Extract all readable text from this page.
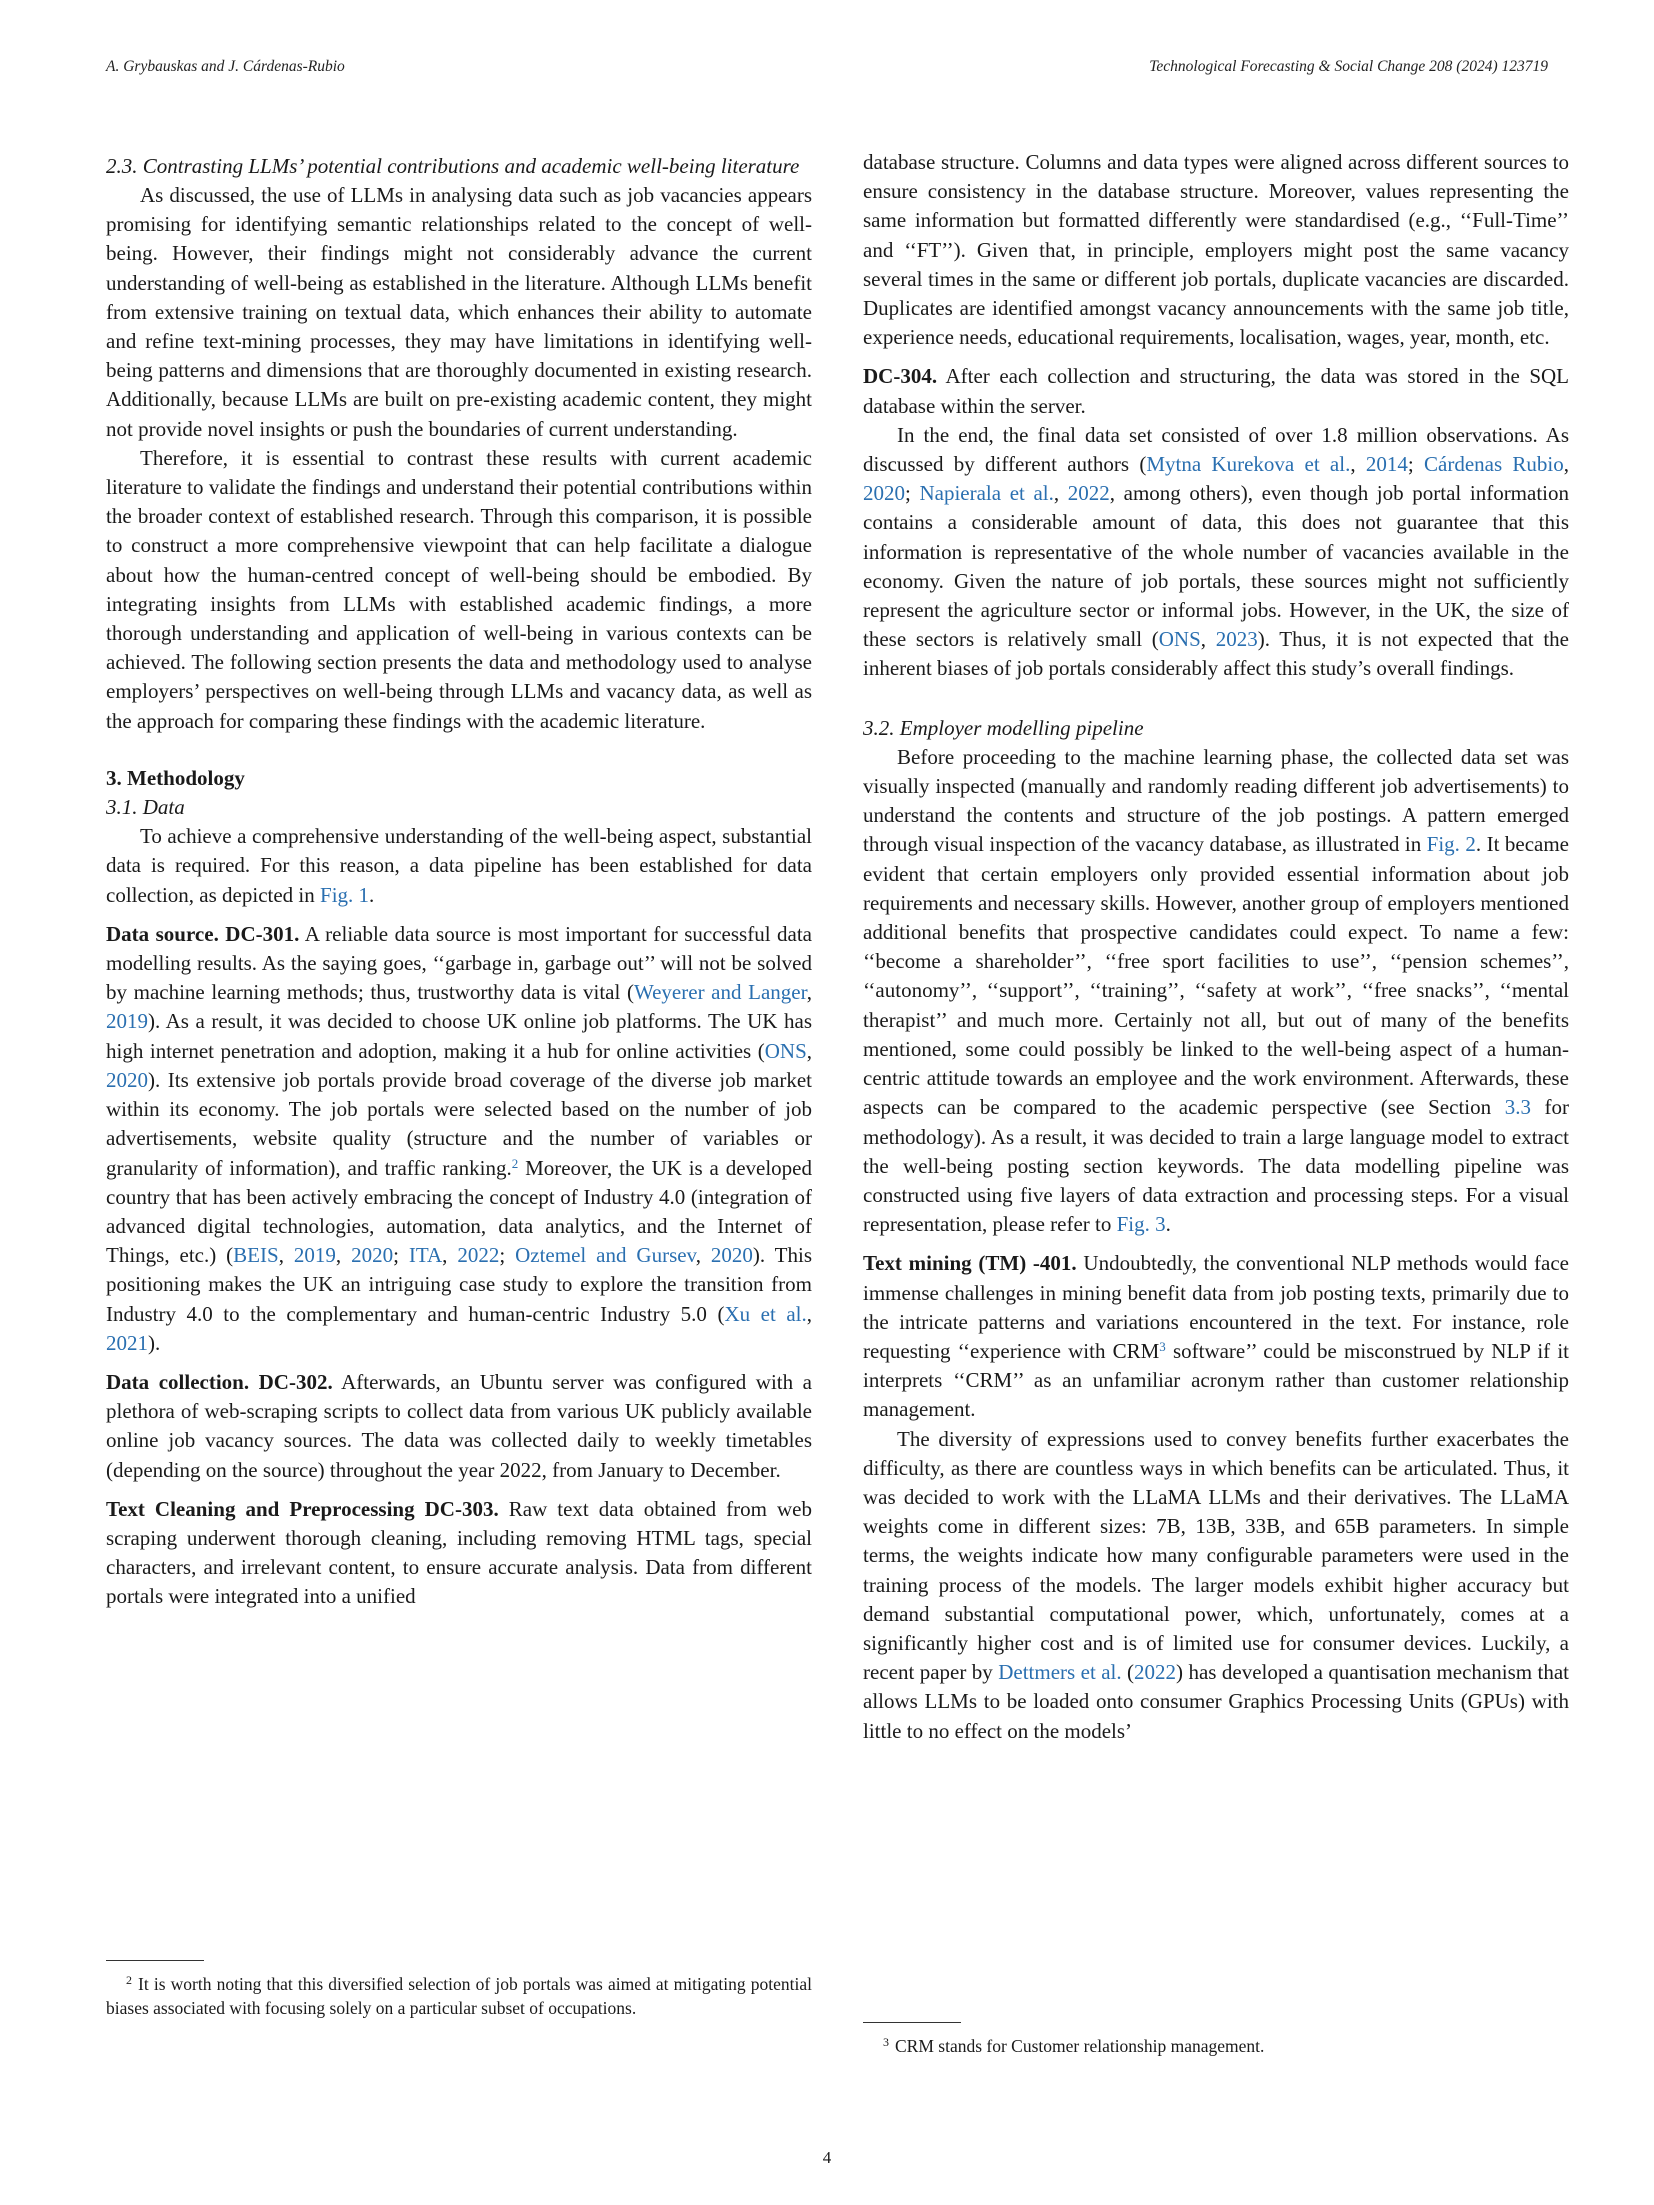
A. Grybauskas and J. Cárdenas-Rubio	Technological Forecasting & Social Change 208 (2024) 123719

2.3. Contrasting LLMs’ potential contributions and academic well-being literature

As discussed, the use of LLMs in analysing data such as job vacancies appears promising for identifying semantic relationships related to the concept of well-being. However, their findings might not considerably advance the current understanding of well-being as established in the literature. Although LLMs benefit from extensive training on textual data, which enhances their ability to automate and refine text-mining processes, they may have limitations in identifying well-being patterns and dimensions that are thoroughly documented in existing research. Additionally, because LLMs are built on pre-existing academic content, they might not provide novel insights or push the boundaries of current understanding.

Therefore, it is essential to contrast these results with current academic literature to validate the findings and understand their potential contributions within the broader context of established research. Through this comparison, it is possible to construct a more comprehensive viewpoint that can help facilitate a dialogue about how the human-centred concept of well-being should be embodied. By integrating insights from LLMs with established academic findings, a more thorough understanding and application of well-being in various contexts can be achieved. The following section presents the data and methodology used to analyse employers’ perspectives on well-being through LLMs and vacancy data, as well as the approach for comparing these findings with the academic literature.

3. Methodology

3.1. Data

To achieve a comprehensive understanding of the well-being aspect, substantial data is required. For this reason, a data pipeline has been established for data collection, as depicted in Fig. 1.

Data source. DC-301. A reliable data source is most important for successful data modelling results. As the saying goes, ‘‘garbage in, garbage out’’ will not be solved by machine learning methods; thus, trustworthy data is vital (Weyerer and Langer, 2019). As a result, it was decided to choose UK online job platforms. The UK has high internet penetration and adoption, making it a hub for online activities (ONS, 2020). Its extensive job portals provide broad coverage of the diverse job market within its economy. The job portals were selected based on the number of job advertisements, website quality (structure and the number of variables or granularity of information), and traffic ranking.$^2$ Moreover, the UK is a developed country that has been actively embracing the concept of Industry 4.0 (integration of advanced digital technologies, automation, data analytics, and the Internet of Things, etc.) (BEIS, 2019, 2020; ITA, 2022; Oztemel and Gursev, 2020). This positioning makes the UK an intriguing case study to explore the transition from Industry 4.0 to the complementary and human-centric Industry 5.0 (Xu et al., 2021).

Data collection. DC-302. Afterwards, an Ubuntu server was configured with a plethora of web-scraping scripts to collect data from various UK publicly available online job vacancy sources. The data was collected daily to weekly timetables (depending on the source) throughout the year 2022, from January to December.

Text Cleaning and Preprocessing DC-303. Raw text data obtained from web scraping underwent thorough cleaning, including removing HTML tags, special characters, and irrelevant content, to ensure accurate analysis. Data from different portals were integrated into a unified

$^2$ It is worth noting that this diversified selection of job portals was aimed at mitigating potential biases associated with focusing solely on a particular subset of occupations.

database structure. Columns and data types were aligned across different sources to ensure consistency in the database structure. Moreover, values representing the same information but formatted differently were standardised (e.g., ‘‘Full-Time’’ and ‘‘FT’’). Given that, in principle, employers might post the same vacancy several times in the same or different job portals, duplicate vacancies are discarded. Duplicates are identified amongst vacancy announcements with the same job title, experience needs, educational requirements, localisation, wages, year, month, etc.

DC-304. After each collection and structuring, the data was stored in the SQL database within the server.

In the end, the final data set consisted of over 1.8 million observations. As discussed by different authors (Mytna Kurekova et al., 2014; Cárdenas Rubio, 2020; Napierala et al., 2022, among others), even though job portal information contains a considerable amount of data, this does not guarantee that this information is representative of the whole number of vacancies available in the economy. Given the nature of job portals, these sources might not sufficiently represent the agriculture sector or informal jobs. However, in the UK, the size of these sectors is relatively small (ONS, 2023). Thus, it is not expected that the inherent biases of job portals considerably affect this study’s overall findings.

3.2. Employer modelling pipeline

Before proceeding to the machine learning phase, the collected data set was visually inspected (manually and randomly reading different job advertisements) to understand the contents and structure of the job postings. A pattern emerged through visual inspection of the vacancy database, as illustrated in Fig. 2. It became evident that certain employers only provided essential information about job requirements and necessary skills. However, another group of employers mentioned additional benefits that prospective candidates could expect. To name a few: ‘‘become a shareholder’’, ‘‘free sport facilities to use’’, ‘‘pension schemes’’, ‘‘autonomy’’, ‘‘support’’, ‘‘training’’, ‘‘safety at work’’, ‘‘free snacks’’, ‘‘mental therapist’’ and much more. Certainly not all, but out of many of the benefits mentioned, some could possibly be linked to the well-being aspect of a human-centric attitude towards an employee and the work environment. Afterwards, these aspects can be compared to the academic perspective (see Section 3.3 for methodology). As a result, it was decided to train a large language model to extract the well-being posting section keywords. The data modelling pipeline was constructed using five layers of data extraction and processing steps. For a visual representation, please refer to Fig. 3.

Text mining (TM) -401. Undoubtedly, the conventional NLP methods would face immense challenges in mining benefit data from job posting texts, primarily due to the intricate patterns and variations encountered in the text. For instance, role requesting ‘‘experience with CRM$^3$ software’’ could be misconstrued by NLP if it interprets ‘‘CRM’’ as an unfamiliar acronym rather than customer relationship management.

The diversity of expressions used to convey benefits further exacerbates the difficulty, as there are countless ways in which benefits can be articulated. Thus, it was decided to work with the LLaMA LLMs and their derivatives. The LLaMA weights come in different sizes: 7B, 13B, 33B, and 65B parameters. In simple terms, the weights indicate how many configurable parameters were used in the training process of the models. The larger models exhibit higher accuracy but demand substantial computational power, which, unfortunately, comes at a significantly higher cost and is of limited use for consumer devices. Luckily, a recent paper by Dettmers et al. (2022) has developed a quantisation mechanism that allows LLMs to be loaded onto consumer Graphics Processing Units (GPUs) with little to no effect on the models’

$^3$ CRM stands for Customer relationship management.
4
